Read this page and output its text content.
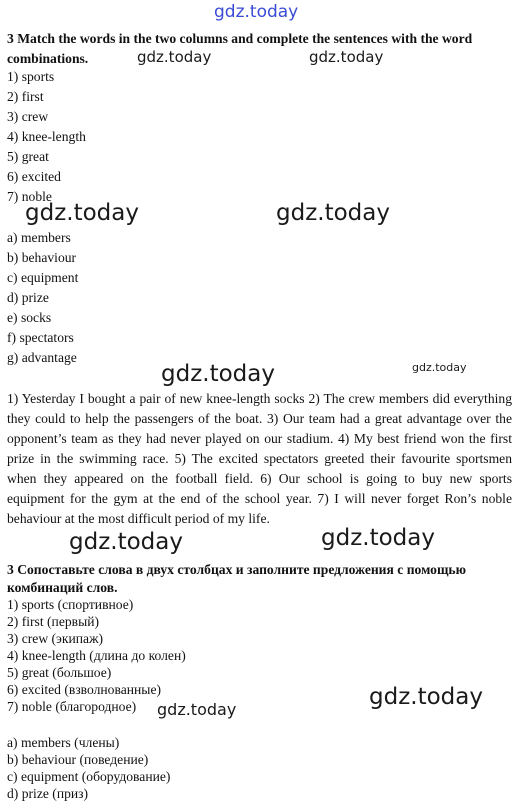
gdz.today
3 Match the words in the two columns and complete the sentences with the word combinations.	gdz.today	gdz.today
1) sports
2) first
3) crew
4) knee-length
5) great
6) excited
7) noble
gdz.today	gdz.today
a) members
b) behaviour
c) equipment
d) prize
e) socks
f) spectators
g) advantage
gdz.today	gdz.today
1) Yesterday I bought a pair of new knee-length socks 2) The crew members did everything they could to help the passengers of the boat. 3) Our team had a great advantage over the opponent’s team as they had never played on our stadium. 4) My best friend won the first prize in the swimming race. 5) The excited spectators greeted their favourite sportsmen when they appeared on the football field. 6) Our school is going to buy new sports equipment for the gym at the end of the school year. 7) I will never forget Ron’s noble behaviour at the most difficult period of my life.
gdz.today	gdz.today
3 Сопоставьте слова в двух столбцах и заполните предложения с помощью комбинаций слов.
1) sports (спортивное)
2) first (первый)
3) crew (экипаж)
4) knee-length (длина до колен)
5) great (большое)
6) excited (взволнованные)
7) noble (благородное) gdz.today	gdz.today
a) members (члены)
b) behaviour (поведение)
c) equipment (оборудование)
d) prize (приз)
